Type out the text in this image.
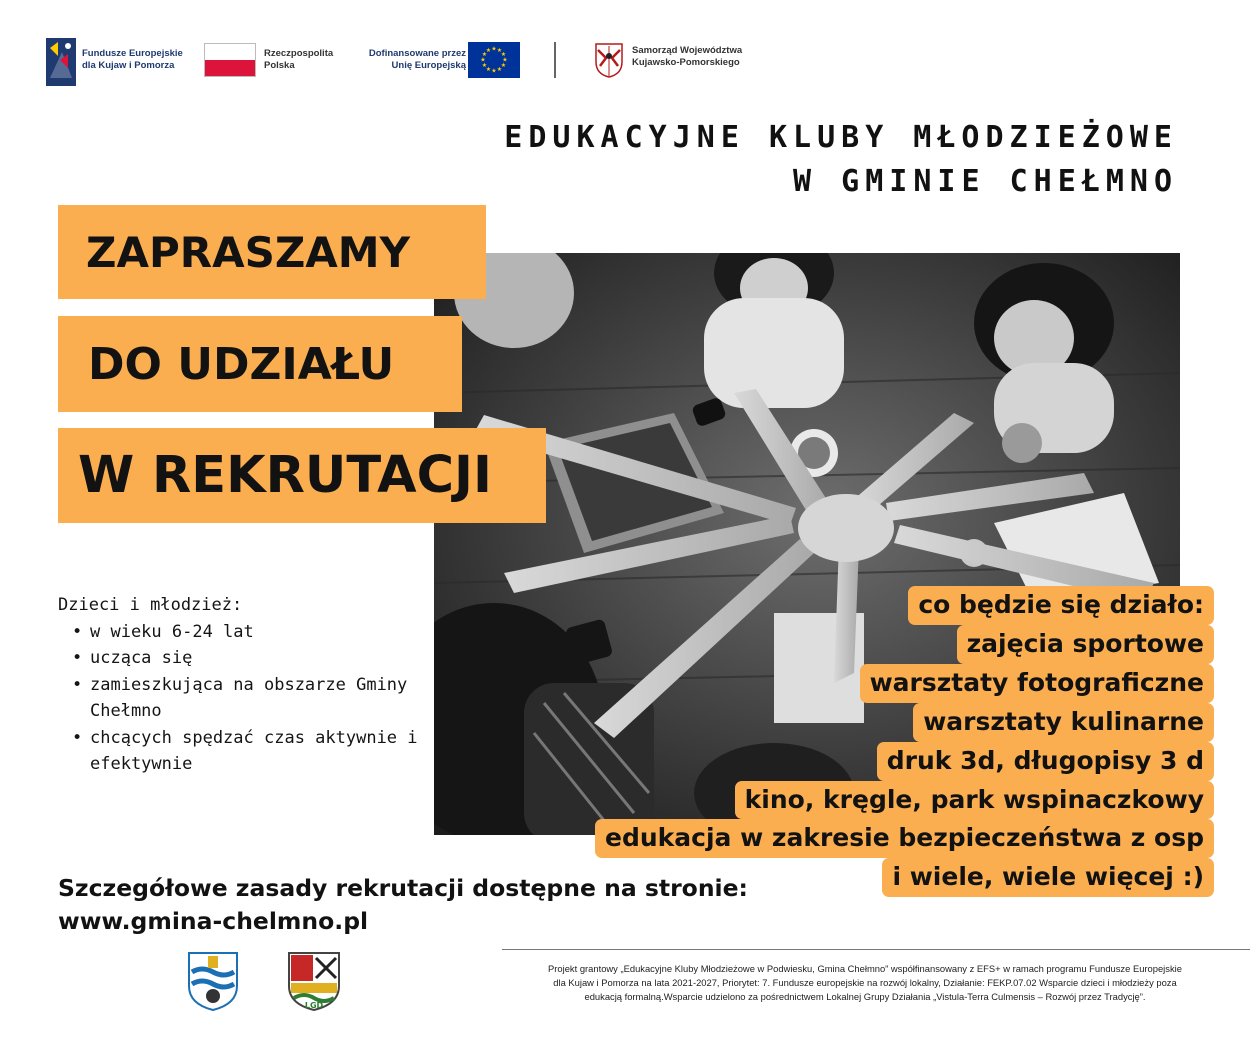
Fundusze Europejskie
dla Kujaw i Pomorza
Rzeczpospolita
Polska
Dofinansowane przez
Unię Europejską
★ ★
★
★
★
★
★
★
★
★
★
★	Samorząd Województwa
Kujawsko-Pomorskiego
EDUKACYJNE KLUBY MŁODZIEŻOWE
W GMINIE CHEŁMNO
ZAPRASZAMY
DO UDZIAŁU
W REKRUTACJI
Dzieci i młodzież:
• w wieku 6-24 lat
• ucząca się
• zamieszkująca na obszarze Gminy Chełmno
• chcących spędzać czas aktywnie i efektywnie
co będzie się działo:
zajęcia sportowe
warsztaty fotograficzne
warsztaty kulinarne
druk 3d, długopisy 3 d
kino, kręgle, park wspinaczkowy
edukacja w zakresie bezpieczeństwa z osp
i wiele, wiele więcej :)
Szczegółowe zasady rekrutacji dostępne na stronie:
www.gmina-chelmno.pl
LGD
Projekt grantowy „Edukacyjne Kluby Młodzieżowe w Podwiesku, Gmina Chełmno” współfinansowany z EFS+ w ramach programu Fundusze Europejskie
dla Kujaw i Pomorza na lata 2021-2027, Priorytet: 7. Fundusze europejskie na rozwój lokalny, Działanie: FEKP.07.02 Wsparcie dzieci i młodzieży poza
edukacją formalną.Wsparcie udzielono za pośrednictwem Lokalnej Grupy Działania „Vistula-Terra Culmensis – Rozwój przez Tradycję”.
